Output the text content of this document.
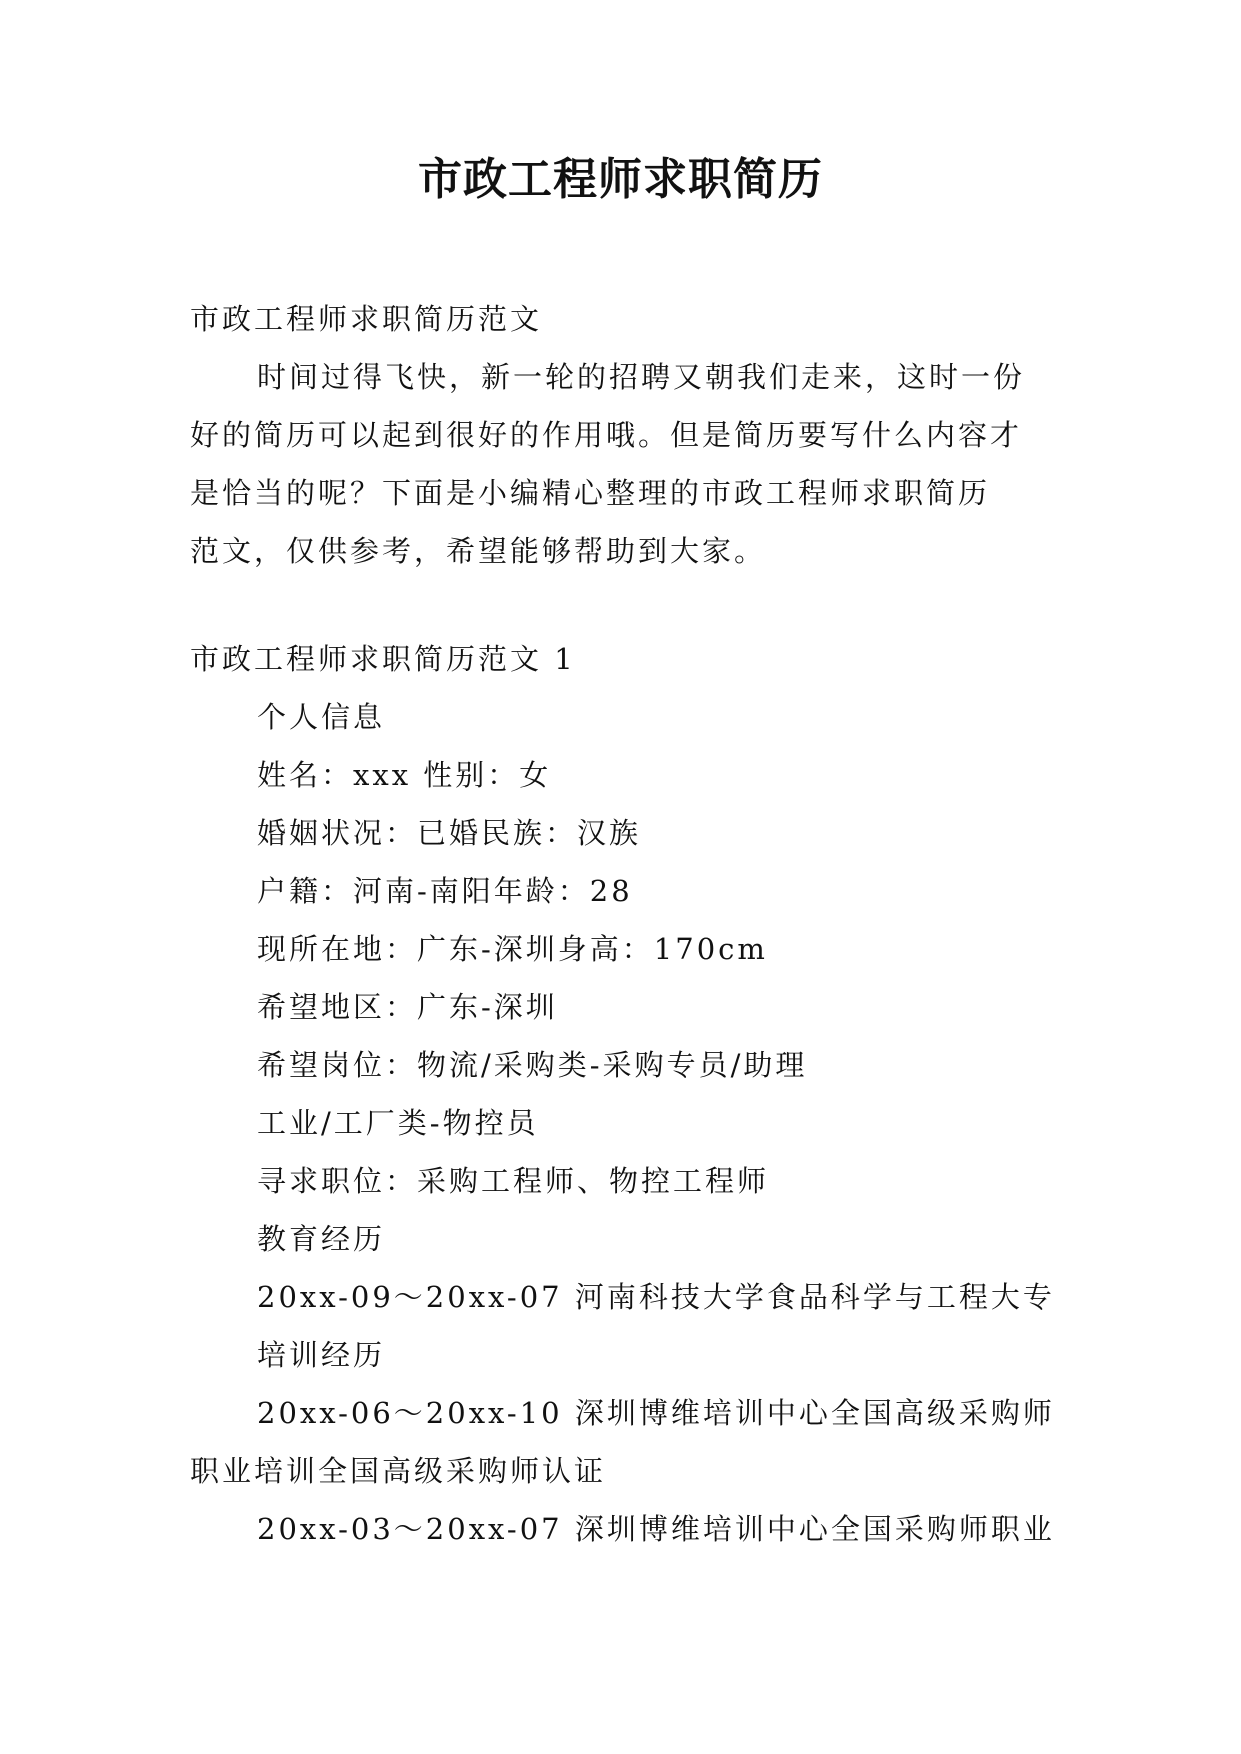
市政工程师求职简历

市政工程师求职简历范文

时间过得飞快，新一轮的招聘又朝我们走来，这时一份

好的简历可以起到很好的作用哦。但是简历要写什么内容才

是恰当的呢？下面是小编精心整理的市政工程师求职简历

范文，仅供参考，希望能够帮助到大家。

市政工程师求职简历范文 1

个人信息

姓名：xxx 性别：女

婚姻状况：已婚民族：汉族

户籍：河南-南阳年龄：28

现所在地：广东-深圳身高：170cm

希望地区：广东-深圳

希望岗位：物流/采购类-采购专员/助理

工业/工厂类-物控员

寻求职位：采购工程师、物控工程师

教育经历

20xx-09～20xx-07 河南科技大学食品科学与工程大专

培训经历

20xx-06～20xx-10 深圳博维培训中心全国高级采购师

职业培训全国高级采购师认证

20xx-03～20xx-07 深圳博维培训中心全国采购师职业
